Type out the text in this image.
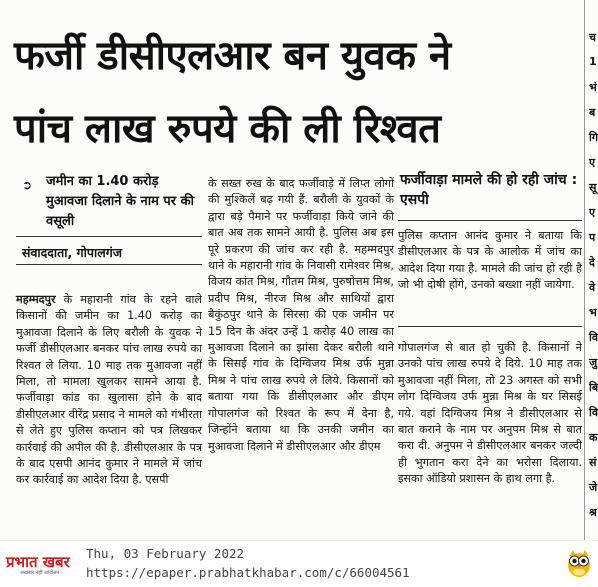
फर्जी डीसीएलआर बन युवक ने
पांच लाख रुपये की ली रिश्वत
➲	जमीन का 1.40 करोड़ मुआवजा दिलाने के नाम पर की वसूली
संवाददाता, गोपालगंज

महम्मदपुर के महारानी गांव के रहने वाले किसानों की जमीन का 1.40 करोड़ का मुआवजा दिलाने के लिए बरौली के युवक ने फर्जी डीसीएलआर बनकर पांच लाख रुपये का रिश्वत ले लिया. 10 माह तक मुआवजा नहीं मिला, तो मामला खुलकर सामने आया है. फर्जीवाड़ा कांड का खुलासा होने के बाद डीसीएलआर वीरेंद्र प्रसाद ने मामले को गंभीरता से लेते हुए पुलिस कप्तान को पत्र लिखकर कार्रवाई की अपील की है. डीसीएलआर के पत्र के बाद एसपी आनंद कुमार ने मामले में जांच कर कार्रवाई का आदेश दिया है. एसपी

के सख्त रुख के बाद फर्जीवाड़े में लिप्त लोगों की मुश्किलें बढ़ गयी हैं. बरौली के युवकों के द्वारा बड़े पैमाने पर फर्जीवाड़ा किये जाने की बात अब तक सामने आयी है. पुलिस अब इस पूरे प्रकरण की जांच कर रही है. महम्मदपुर थाने के महारानी गांव के निवासी रामेश्वर मिश्र, विजय कांत मिश्र, गौतम मिश्र, पुरुषोत्तम मिश्र, प्रदीप मिश्र, नीरज मिश्र और साथियों द्वारा बैकुंठपुर थाने के सिरसा की एक जमीन पर 15 दिन के अंदर उन्हें 1 करोड़ 40 लाख का मुआवजा दिलाने का झांसा देकर बरौली थाने के सिसई गांव के दिग्विजय मिश्र उर्फ मुन्ना मिश्र ने पांच लाख रुपये ले लिये. किसानों को बताया गया कि डीसीएलआर और डीएम गोपालगंज को रिश्वत के रूप में देना है, जिन्होंने बताया था कि उनकी जमीन का मुआवजा दिलाने में डीसीएलआर और डीएम

फर्जीवाड़ा मामले की हो रही जांच : एसपी

पुलिस कप्तान आनंद कुमार ने बताया कि डीसीएलआर के पत्र के आलोक में जांच का आदेश दिया गया है. मामले की जांच हो रही है जो भी दोषी होंगे, उनको बख्शा नहीं जायेगा.

गोपालगंज से बात हो चुकी है. किसानों ने उनको पांच लाख रुपये दे दिये. 10 माह तक मुआवजा नहीं मिला, तो 23 अगस्त को सभी लोग दिग्विजय उर्फ मुन्ना मिश्र के घर सिसई गये. वहां दिग्विजय मिश्र ने डीसीएलआर से बात कराने के नाम पर अनुपम मिश्र से बात करा दी. अनुपम ने डीसीएलआर बनकर जल्दी ही भुगतान करा देने का भरोसा दिलाया. इसका ऑडियो प्रशासन के हाथ लगा है.

च
1
भं
ब
गि
ए
सू
ए
प
दे
वे
भ
वि
जु
बि
वि
क
सं
जे
श्र
प्रभात खबर
अखबार नहीं आंदोलन
Thu, 03 February 2022
https://epaper.prabhatkhabar.com/c/66004561
